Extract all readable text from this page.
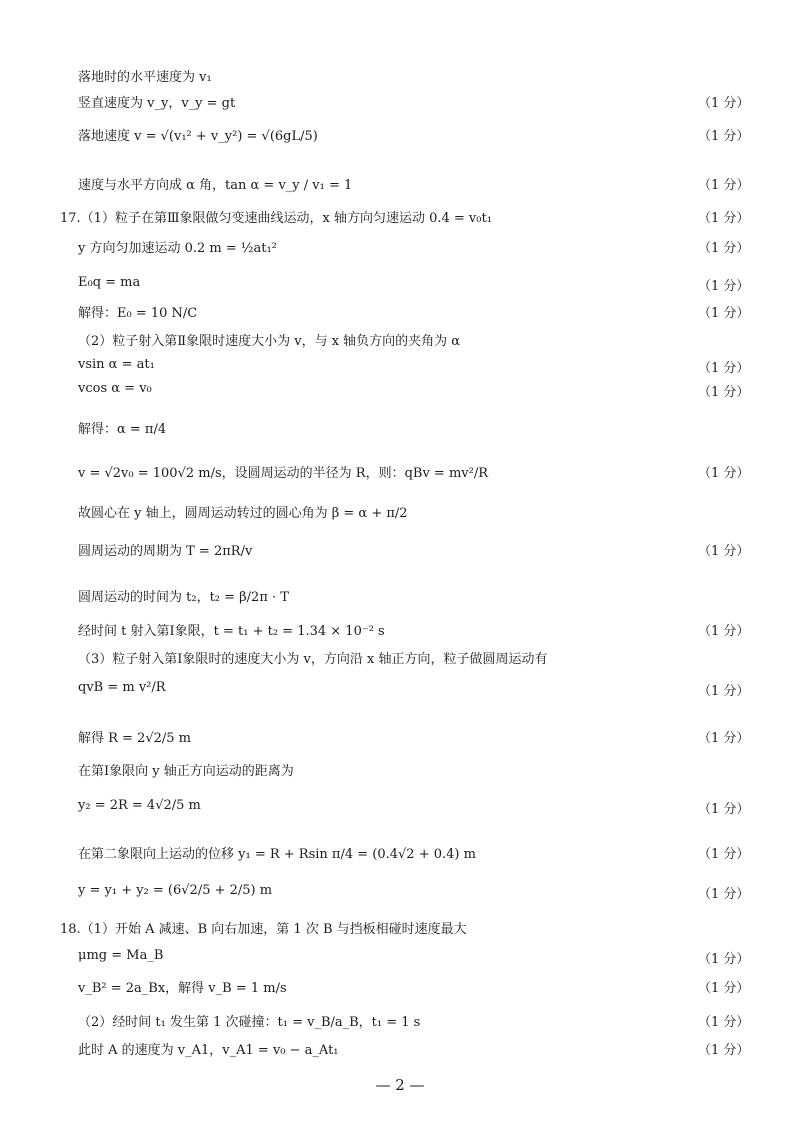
落地时的水平速度为 v₁
竖直速度为 v_y，v_y = gt	（1 分）
落地速度 v = √(v₁² + v_y²) = √(6gL/5)	（1 分）
速度与水平方向成 α 角，tan α = v_y / v₁ = 1	（1 分）
17.（1）粒子在第Ⅲ象限做匀变速曲线运动，x 轴方向匀速运动 0.4 = v₀t₁	（1 分）
y 方向匀加速运动 0.2 m = ½at₁²	（1 分）
E₀q = ma	（1 分）
解得：E₀ = 10 N/C	（1 分）
（2）粒子射入第Ⅱ象限时速度大小为 v，与 x 轴负方向的夹角为 α
vsin α = at₁	（1 分）
vcos α = v₀	（1 分）
解得：α = π/4
v = √2v₀ = 100√2 m/s，设圆周运动的半径为 R，则：qBv = mv²/R	（1 分）
故圆心在 y 轴上，圆周运动转过的圆心角为 β = α + π/2
圆周运动的周期为 T = 2πR/v	（1 分）
圆周运动的时间为 t₂，t₂ = β/2π · T
经时间 t 射入第Ⅰ象限，t = t₁ + t₂ = 1.34 × 10⁻² s	（1 分）
（3）粒子射入第Ⅰ象限时的速度大小为 v，方向沿 x 轴正方向，粒子做圆周运动有
qvB = m v²/R	（1 分）
解得 R = 2√2/5 m	（1 分）
在第Ⅰ象限向 y 轴正方向运动的距离为
y₂ = 2R = 4√2/5 m	（1 分）
在第二象限向上运动的位移 y₁ = R + Rsin π/4 = (0.4√2 + 0.4) m	（1 分）
y = y₁ + y₂ = (6√2/5 + 2/5) m	（1 分）
18.（1）开始 A 减速、B 向右加速，第 1 次 B 与挡板相碰时速度最大
μmg = Ma_B	（1 分）
v_B² = 2a_Bx，解得 v_B = 1 m/s	（1 分）
（2）经时间 t₁ 发生第 1 次碰撞：t₁ = v_B/a_B，t₁ = 1 s	（1 分）
此时 A 的速度为 v_A1，v_A1 = v₀ − a_At₁	（1 分）
— 2 —
